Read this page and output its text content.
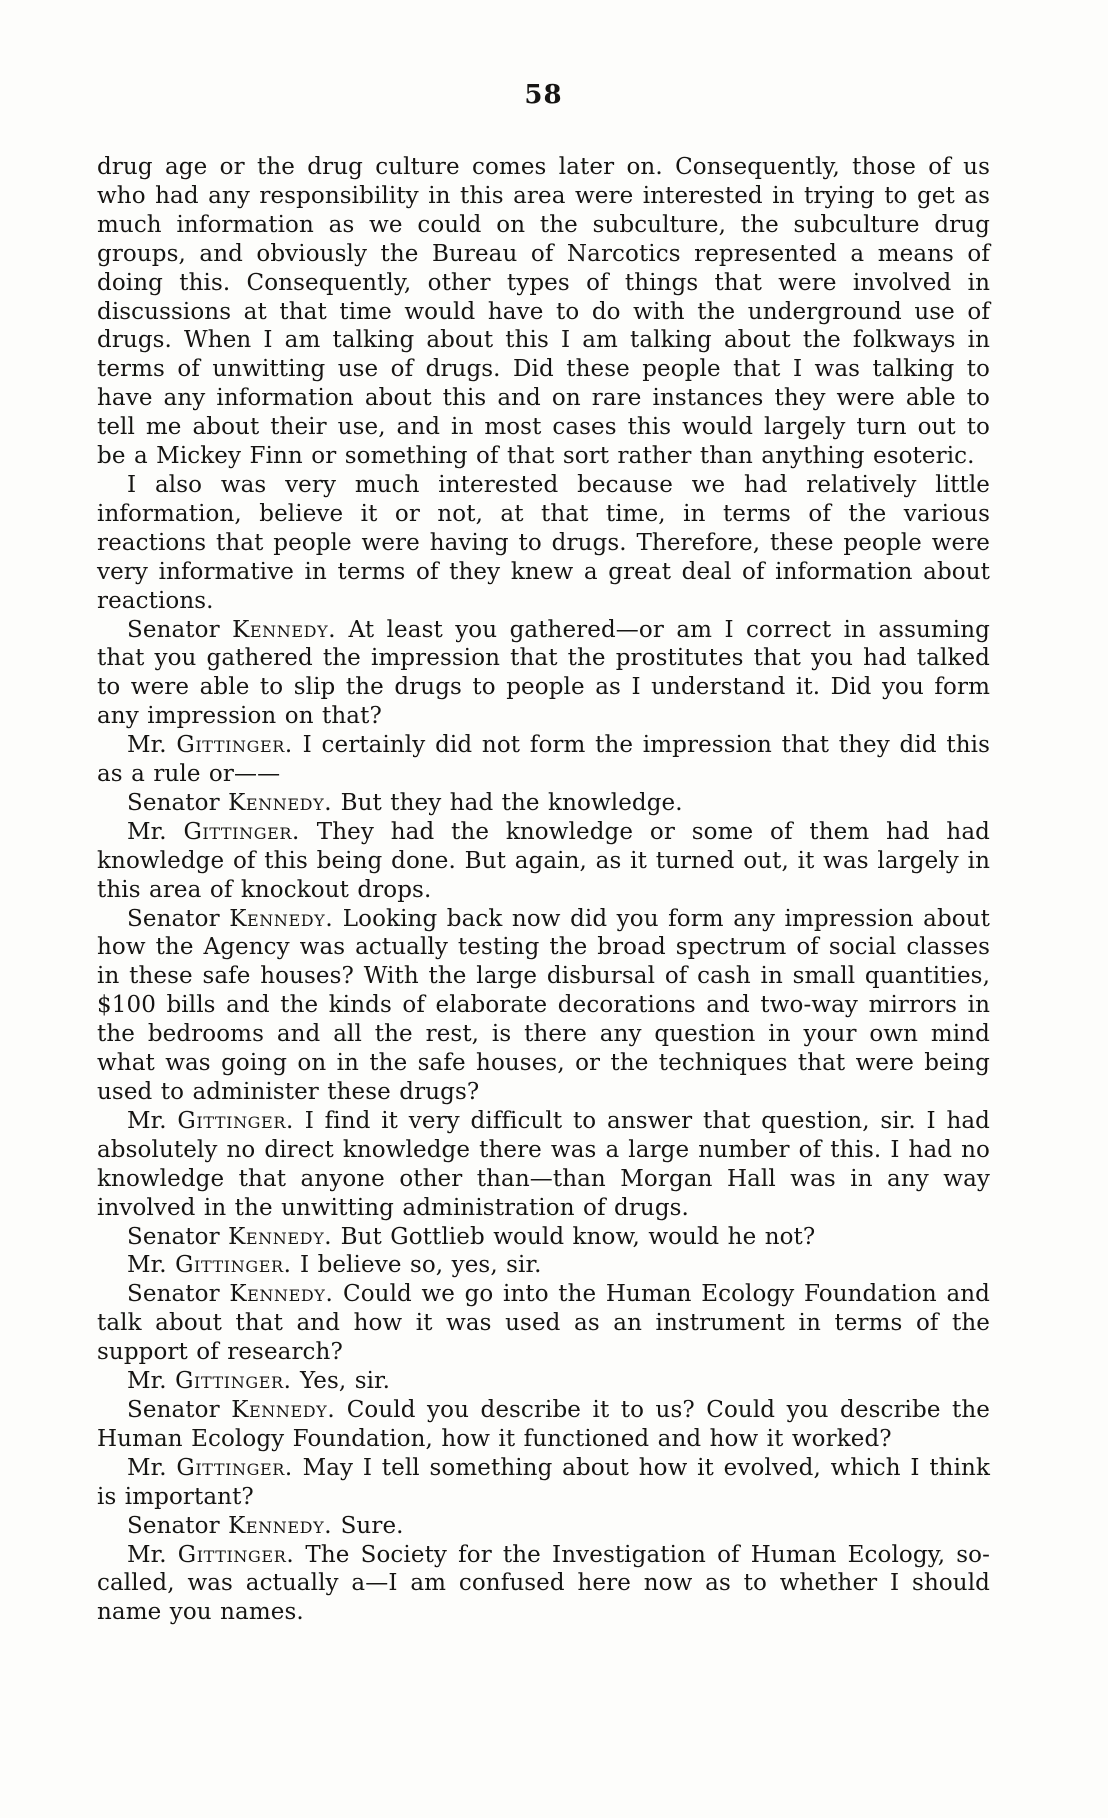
58

drug age or the drug culture comes later on. Consequently, those of us who had any responsibility in this area were interested in trying to get as much information as we could on the subculture, the subculture drug groups, and obviously the Bureau of Narcotics represented a means of doing this. Consequently, other types of things that were involved in discussions at that time would have to do with the underground use of drugs. When I am talking about this I am talking about the folkways in terms of unwitting use of drugs. Did these people that I was talking to have any information about this and on rare instances they were able to tell me about their use, and in most cases this would largely turn out to be a Mickey Finn or something of that sort rather than anything esoteric.

I also was very much interested because we had relatively little information, believe it or not, at that time, in terms of the various reactions that people were having to drugs. Therefore, these people were very informative in terms of they knew a great deal of information about reactions.

Senator Kennedy. At least you gathered—or am I correct in assuming that you gathered the impression that the prostitutes that you had talked to were able to slip the drugs to people as I understand it. Did you form any impression on that?

Mr. Gittinger. I certainly did not form the impression that they did this as a rule or——

Senator Kennedy. But they had the knowledge.

Mr. Gittinger. They had the knowledge or some of them had had knowledge of this being done. But again, as it turned out, it was largely in this area of knockout drops.

Senator Kennedy. Looking back now did you form any impression about how the Agency was actually testing the broad spectrum of social classes in these safe houses? With the large disbursal of cash in small quantities, $100 bills and the kinds of elaborate decorations and two-way mirrors in the bedrooms and all the rest, is there any question in your own mind what was going on in the safe houses, or the techniques that were being used to administer these drugs?

Mr. Gittinger. I find it very difficult to answer that question, sir. I had absolutely no direct knowledge there was a large number of this. I had no knowledge that anyone other than—than Morgan Hall was in any way involved in the unwitting administration of drugs.

Senator Kennedy. But Gottlieb would know, would he not?

Mr. Gittinger. I believe so, yes, sir.

Senator Kennedy. Could we go into the Human Ecology Foundation and talk about that and how it was used as an instrument in terms of the support of research?

Mr. Gittinger. Yes, sir.

Senator Kennedy. Could you describe it to us? Could you describe the Human Ecology Foundation, how it functioned and how it worked?

Mr. Gittinger. May I tell something about how it evolved, which I think is important?

Senator Kennedy. Sure.

Mr. Gittinger. The Society for the Investigation of Human Ecology, so-called, was actually a—I am confused here now as to whether I should name you names.
